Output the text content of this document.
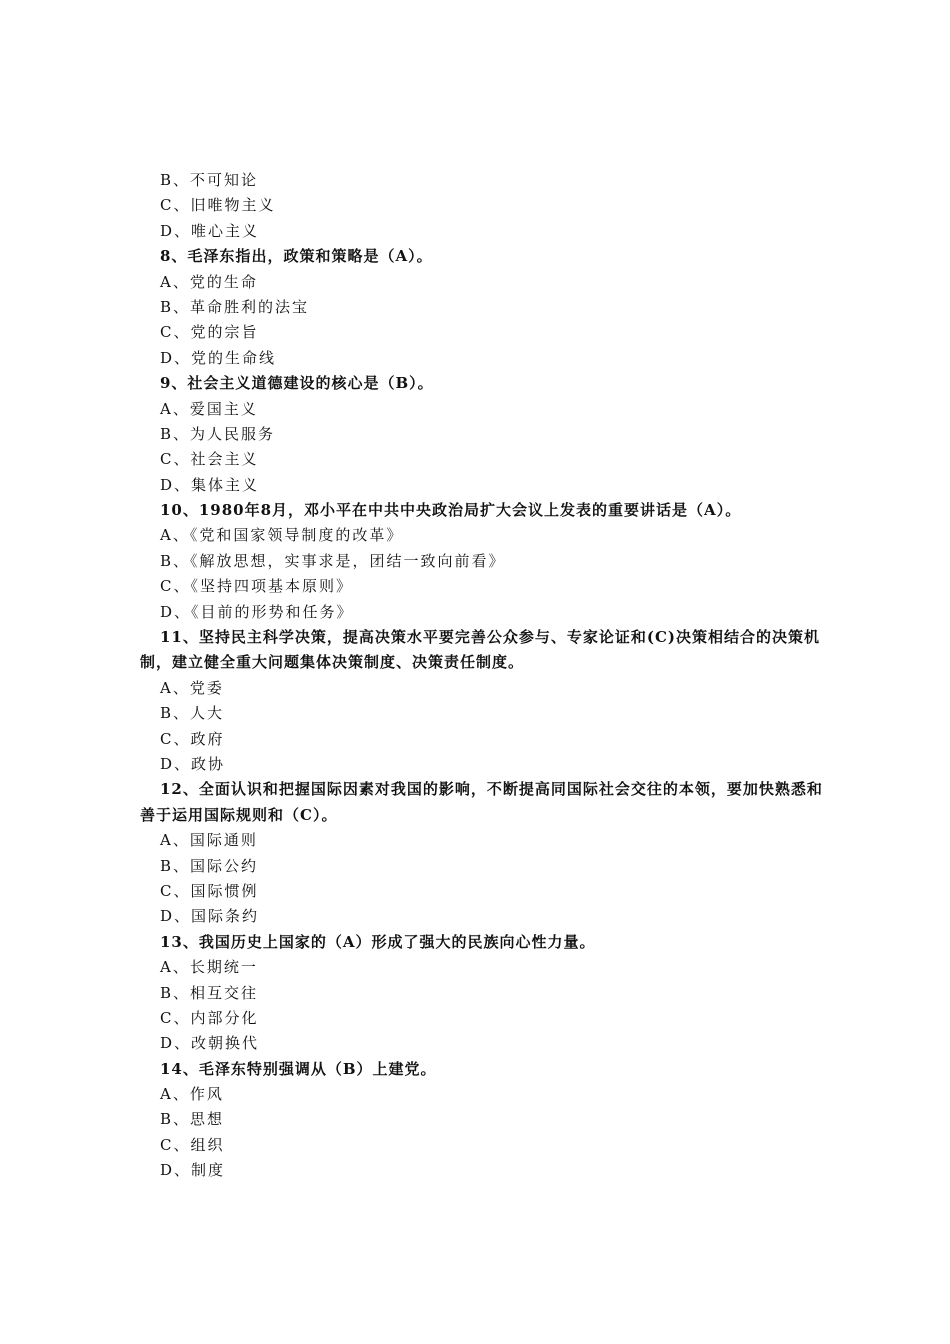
B、不可知论
C、旧唯物主义
D、唯心主义
8、毛泽东指出，政策和策略是（A）。
A、党的生命
B、革命胜利的法宝
C、党的宗旨
D、党的生命线
9、社会主义道德建设的核心是（B）。
A、爱国主义
B、为人民服务
C、社会主义
D、集体主义
10、1980年8月，邓小平在中共中央政治局扩大会议上发表的重要讲话是（A）。
A、《党和国家领导制度的改革》
B、《解放思想，实事求是，团结一致向前看》
C、《坚持四项基本原则》
D、《目前的形势和任务》
11、坚持民主科学决策，提高决策水平要完善公众参与、专家论证和(C)决策相结合的决策机
制，建立健全重大问题集体决策制度、决策责任制度。
A、党委
B、人大
C、政府
D、政协
12、全面认识和把握国际因素对我国的影响，不断提高同国际社会交往的本领，要加快熟悉和
善于运用国际规则和（C）。
A、国际通则
B、国际公约
C、国际惯例
D、国际条约
13、我国历史上国家的（A）形成了强大的民族向心性力量。
A、长期统一
B、相互交往
C、内部分化
D、改朝换代
14、毛泽东特别强调从（B）上建党。
A、作风
B、思想
C、组织
D、制度
